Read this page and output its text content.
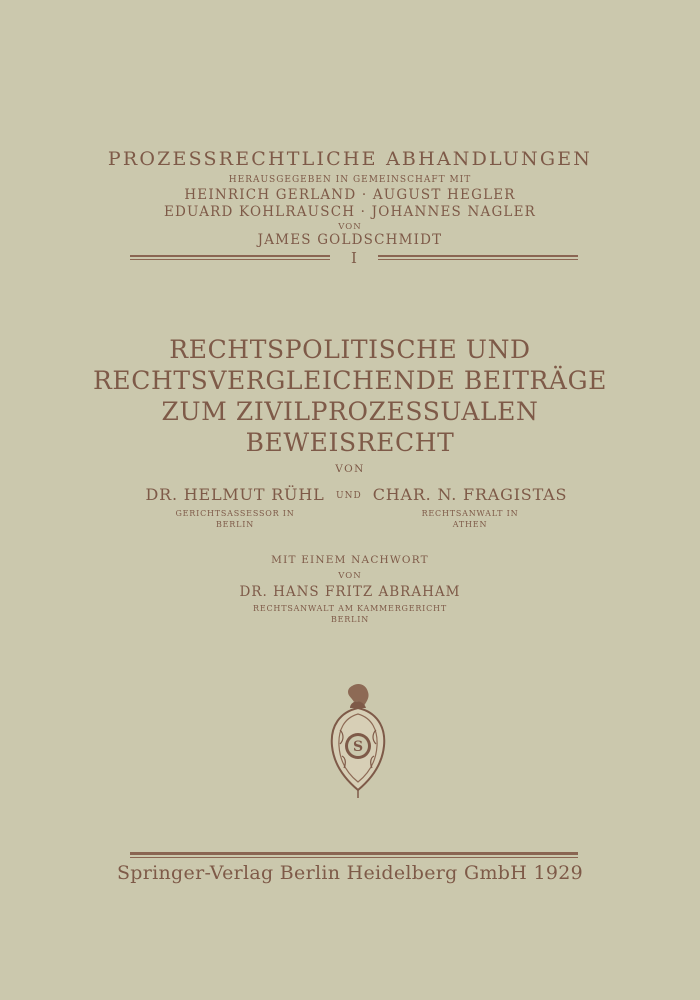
PROZESSRECHTLICHE ABHANDLUNGEN
HERAUSGEGEBEN IN GEMEINSCHAFT MIT
HEINRICH GERLAND · AUGUST HEGLER
EDUARD KOHLRAUSCH · JOHANNES NAGLER
VON
JAMES GOLDSCHMIDT
I
RECHTSPOLITISCHE UND
RECHTSVERGLEICHENDE BEITRÄGE
ZUM ZIVILPROZESSUALEN
BEWEISRECHT
VON
DR. HELMUT RÜHL
GERICHTSASSESSOR IN
BERLIN
UND CHAR. N. FRAGISTAS
RECHTSANWALT IN
ATHEN
MIT EINEM NACHWORT
VON
DR. HANS FRITZ ABRAHAM
RECHTSANWALT AM KAMMERGERICHT
BERLIN
S
Springer-Verlag Berlin Heidelberg GmbH 1929
